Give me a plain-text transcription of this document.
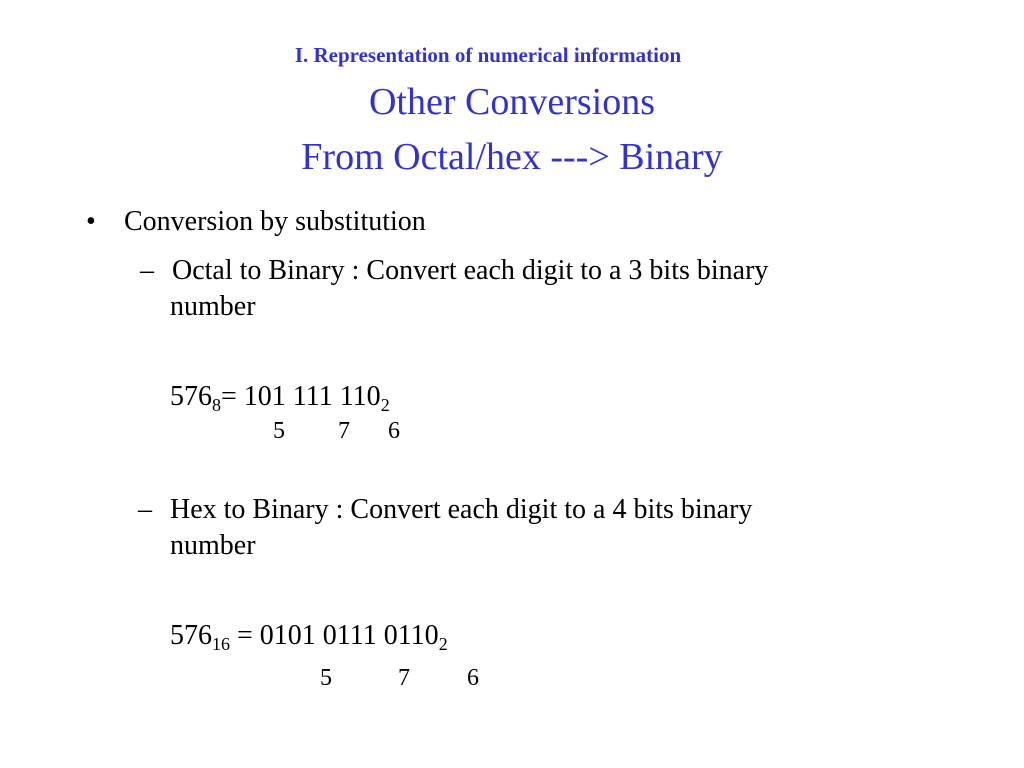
I. Representation of numerical information
Other Conversions
From Octal/hex ---> Binary
• Conversion by substitution
– Octal to Binary : Convert each digit to a 3 bits binary
number
$576_8= 101$ 111 $110_2$
5 7 6
– Hex to Binary : Convert each digit to a 4 bits binary
number
$576_{16} = 0101$ 0111 $0110_2$
5	7 6
